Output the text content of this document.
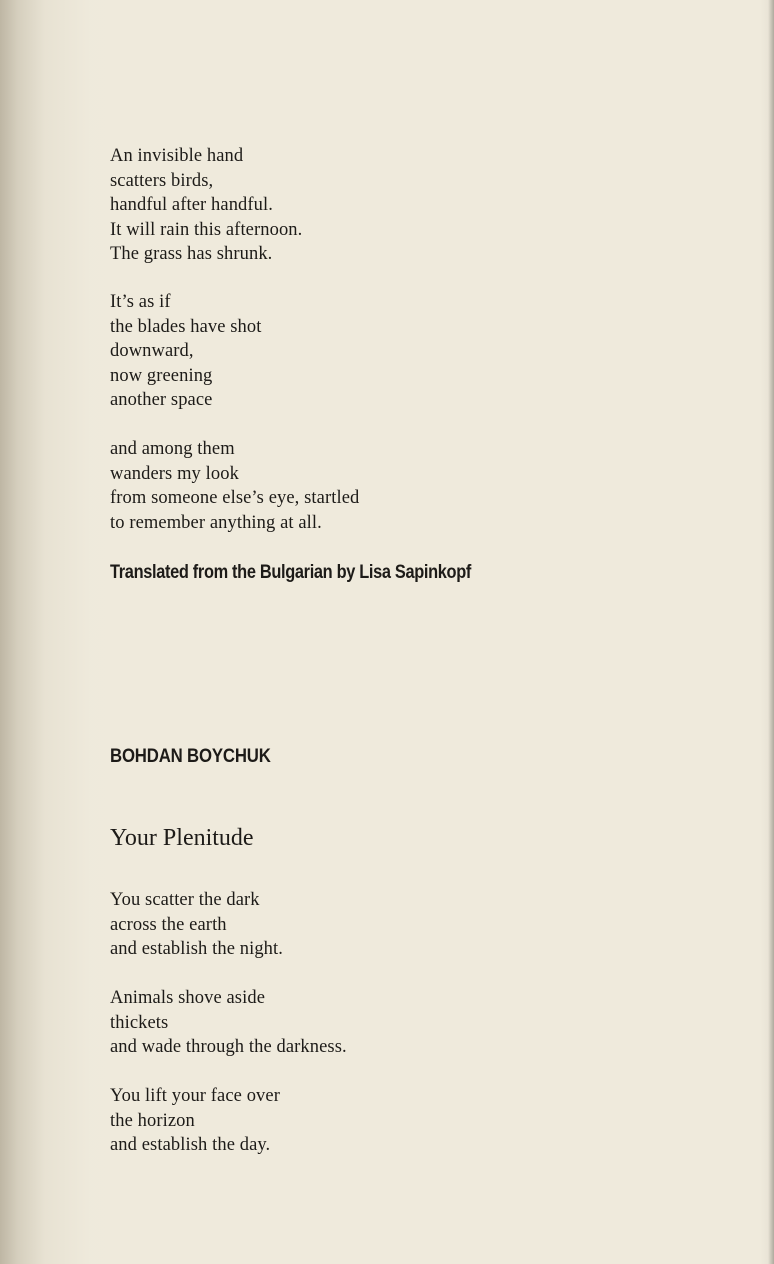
An invisible hand
scatters birds,
handful after handful.
It will rain this afternoon.
The grass has shrunk.
It’s as if
the blades have shot
downward,
now greening
another space
and among them
wanders my look
from someone else’s eye, startled
to remember anything at all.
Translated from the Bulgarian by Lisa Sapinkopf
BOHDAN BOYCHUK
Your Plenitude
You scatter the dark
across the earth
and establish the night.
Animals shove aside
thickets
and wade through the darkness.
You lift your face over
the horizon
and establish the day.
